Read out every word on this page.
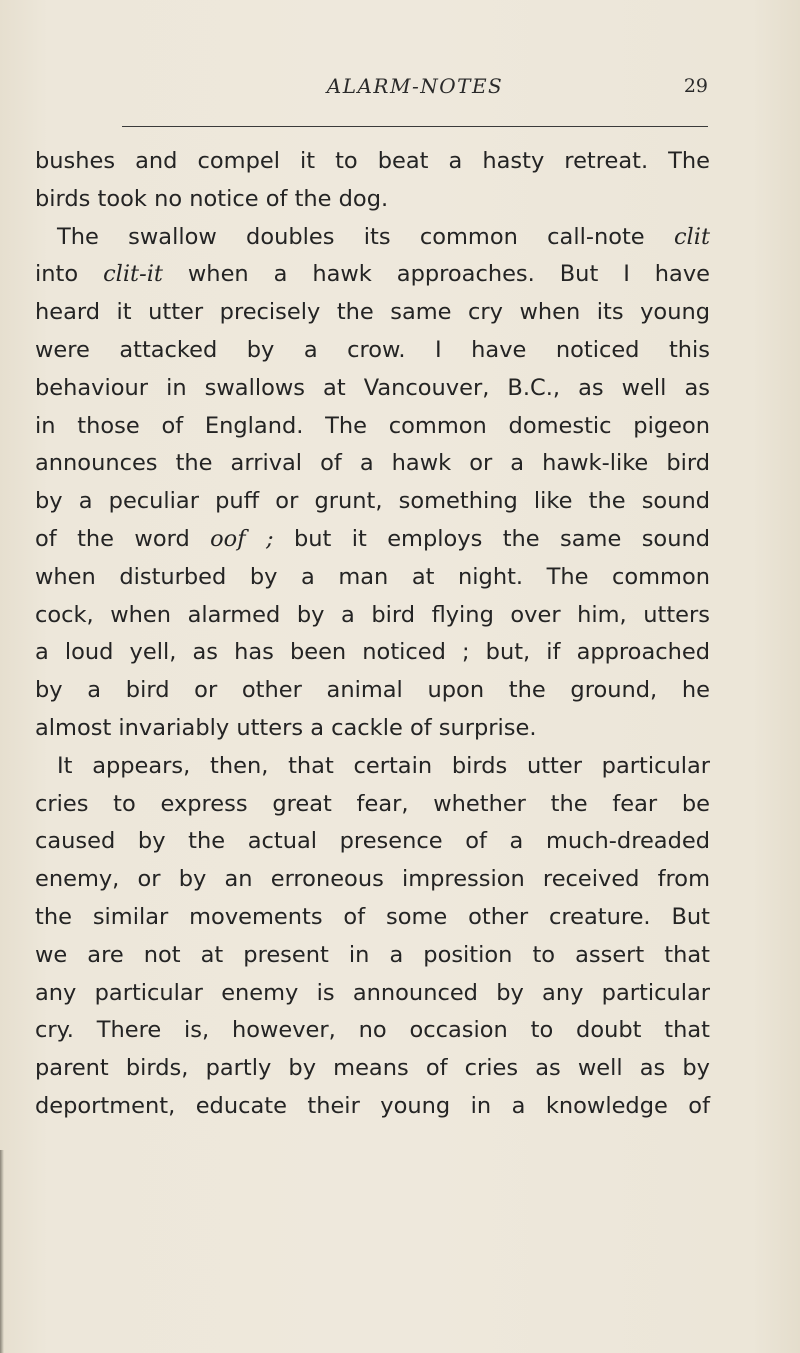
ALARM-NOTES	29
bushes and compel it to beat a hasty retreat. The
birds took no notice of the dog.
The swallow doubles its common call-note clit
into clit-it when a hawk approaches. But I have
heard it utter precisely the same cry when its young
were attacked by a crow. I have noticed this
behaviour in swallows at Vancouver, B.C., as well as
in those of England. The common domestic pigeon
announces the arrival of a hawk or a hawk-like bird
by a peculiar puff or grunt, something like the sound
of the word oof ; but it employs the same sound
when disturbed by a man at night. The common
cock, when alarmed by a bird flying over him, utters
a loud yell, as has been noticed ; but, if approached
by a bird or other animal upon the ground, he
almost invariably utters a cackle of surprise.
It appears, then, that certain birds utter particular
cries to express great fear, whether the fear be
caused by the actual presence of a much-dreaded
enemy, or by an erroneous impression received from
the similar movements of some other creature. But
we are not at present in a position to assert that
any particular enemy is announced by any particular
cry. There is, however, no occasion to doubt that
parent birds, partly by means of cries as well as by
deportment, educate their young in a knowledge of
